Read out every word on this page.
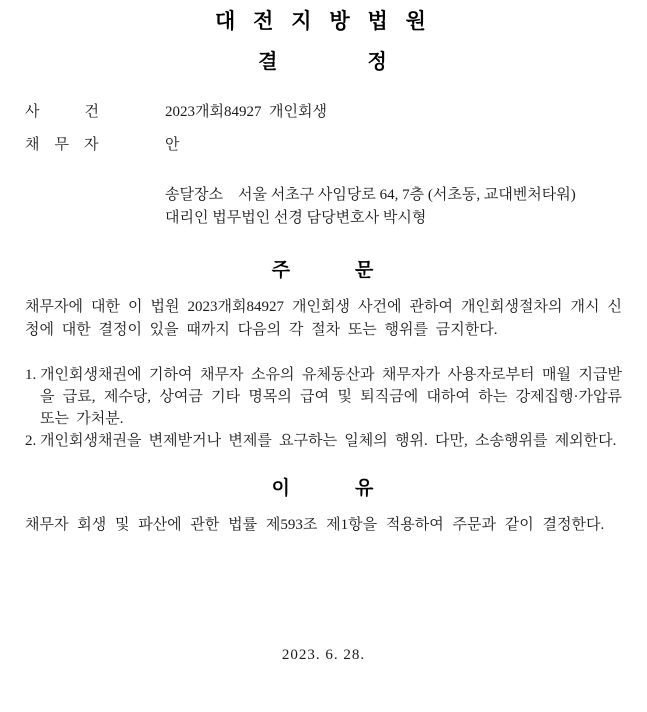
대 전 지 방 법 원
결　　　　정
사　　　건	2023개회84927  개인회생
채　무　자	안
송달장소　서울 서초구 사임당로 64, 7층 (서초동, 교대벤처타워)
대리인 법무법인 선경 담당변호사 박시형
주　　　문

채무자에 대한 이 법원 2023개회84927 개인회생 사건에 관하여 개인회생절차의 개시 신청에 대한 결정이 있을 때까지 다음의 각 절차 또는 행위를 금지한다.

1. 개인회생채권에 기하여 채무자 소유의 유체동산과 채무자가 사용자로부터 매월 지급받을 급료, 제수당, 상여금 기타 명목의 급여 및 퇴직금에 대하여 하는 강제집행·가압류 또는 가처분.
2. 개인회생채권을 변제받거나 변제를 요구하는 일체의 행위. 다만, 소송행위를 제외한다.
이　　　유

채무자 회생 및 파산에 관한 법률 제593조 제1항을 적용하여 주문과 같이 결정한다.

2023. 6. 28.
